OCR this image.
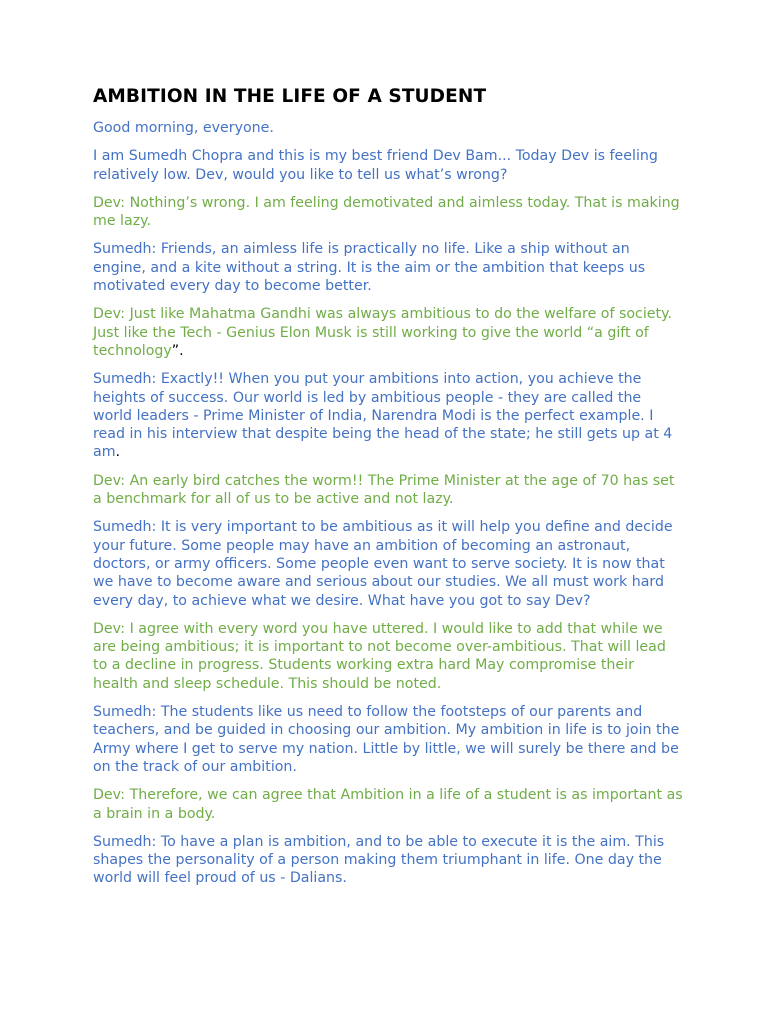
AMBITION IN THE LIFE OF A STUDENT

Good morning, everyone.

I am Sumedh Chopra and this is my best friend Dev Bam... Today Dev is feeling relatively low. Dev, would you like to tell us what’s wrong?

Dev: Nothing’s wrong. I am feeling demotivated and aimless today. That is making me lazy.

Sumedh: Friends, an aimless life is practically no life. Like a ship without an engine, and a kite without a string. It is the aim or the ambition that keeps us motivated every day to become better.

Dev: Just like Mahatma Gandhi was always ambitious to do the welfare of society. Just like the Tech - Genius Elon Musk is still working to give the world “a gift of technology”.

Sumedh: Exactly!! When you put your ambitions into action, you achieve the heights of success. Our world is led by ambitious people - they are called the world leaders - Prime Minister of India, Narendra Modi is the perfect example. I read in his interview that despite being the head of the state; he still gets up at 4 am.

Dev: An early bird catches the worm!! The Prime Minister at the age of 70 has set a benchmark for all of us to be active and not lazy.

Sumedh: It is very important to be ambitious as it will help you define and decide your future. Some people may have an ambition of becoming an astronaut, doctors, or army officers. Some people even want to serve society. It is now that we have to become aware and serious about our studies. We all must work hard every day, to achieve what we desire. What have you got to say Dev?

Dev: I agree with every word you have uttered. I would like to add that while we are being ambitious; it is important to not become over-ambitious. That will lead to a decline in progress. Students working extra hard May compromise their health and sleep schedule. This should be noted.

Sumedh: The students like us need to follow the footsteps of our parents and teachers, and be guided in choosing our ambition. My ambition in life is to join the Army where I get to serve my nation. Little by little, we will surely be there and be on the track of our ambition.

Dev: Therefore, we can agree that Ambition in a life of a student is as important as a brain in a body.

Sumedh: To have a plan is ambition, and to be able to execute it is the aim. This shapes the personality of a person making them triumphant in life. One day the world will feel proud of us - Dalians.
